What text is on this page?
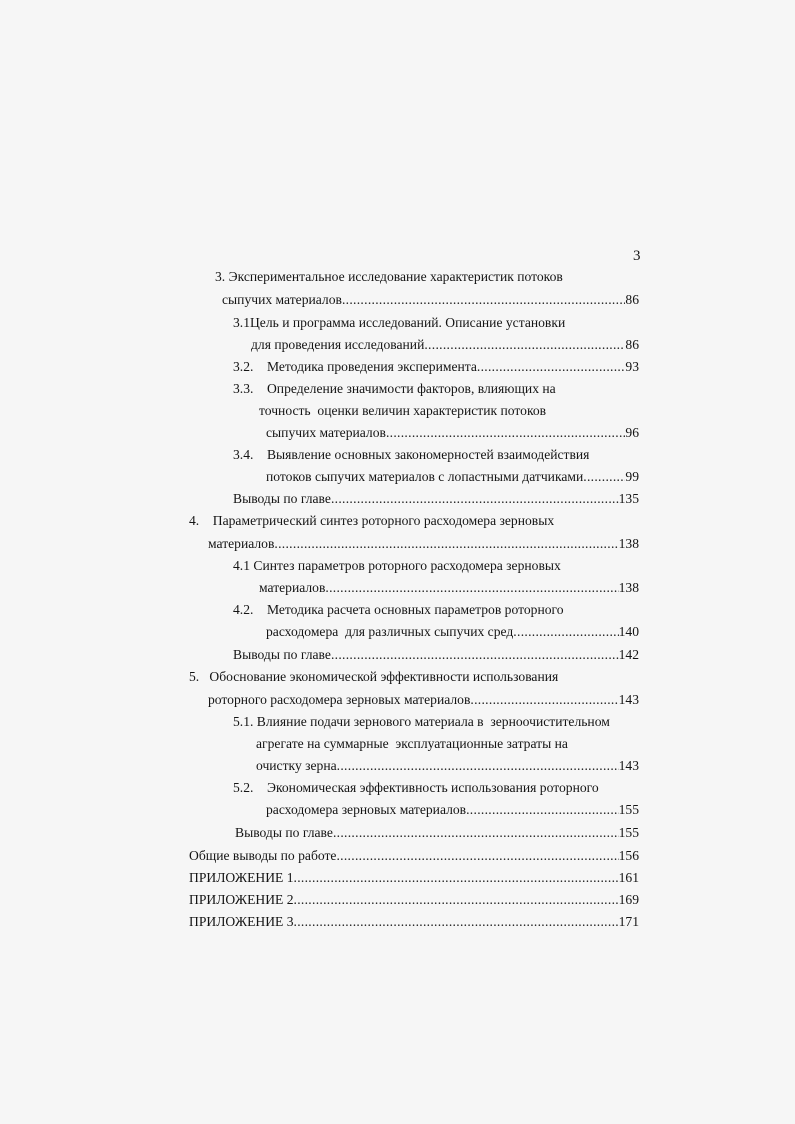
3
3. Экспериментальное исследование характеристик потоков
сыпучих материалов .....	86
3.1Цель и программа исследований. Описание установки
для проведения исследований .....	86
3.2.    Методика проведения эксперимента .....	93
3.3.    Определение значимости факторов, влияющих на
точность  оценки величин характеристик потоков
сыпучих материалов .....	96
3.4.    Выявление основных закономерностей взаимодействия
потоков сыпучих материалов с лопастными датчиками .....	99
Выводы по главе .....	135
4.    Параметрический синтез роторного расходомера зерновых
материалов .....	138
4.1 Синтез параметров роторного расходомера зерновых
материалов .....	138
4.2.    Методика расчета основных параметров роторного
расходомера  для различных сыпучих сред .....	140
Выводы по главе .....	142
5.   Обоснование экономической эффективности использования
роторного расходомера зерновых материалов .....	143
5.1. Влияние подачи зернового материала в  зерноочистительном
агрегате на суммарные  эксплуатационные затраты на
очистку зерна .....	143
5.2.    Экономическая эффективность использования роторного
расходомера зерновых материалов .....	155
Выводы по главе .....	155
Общие выводы по работе .....	156
ПРИЛОЖЕНИЕ 1 .....	161
ПРИЛОЖЕНИЕ 2 .....	169
ПРИЛОЖЕНИЕ 3 .....	171
